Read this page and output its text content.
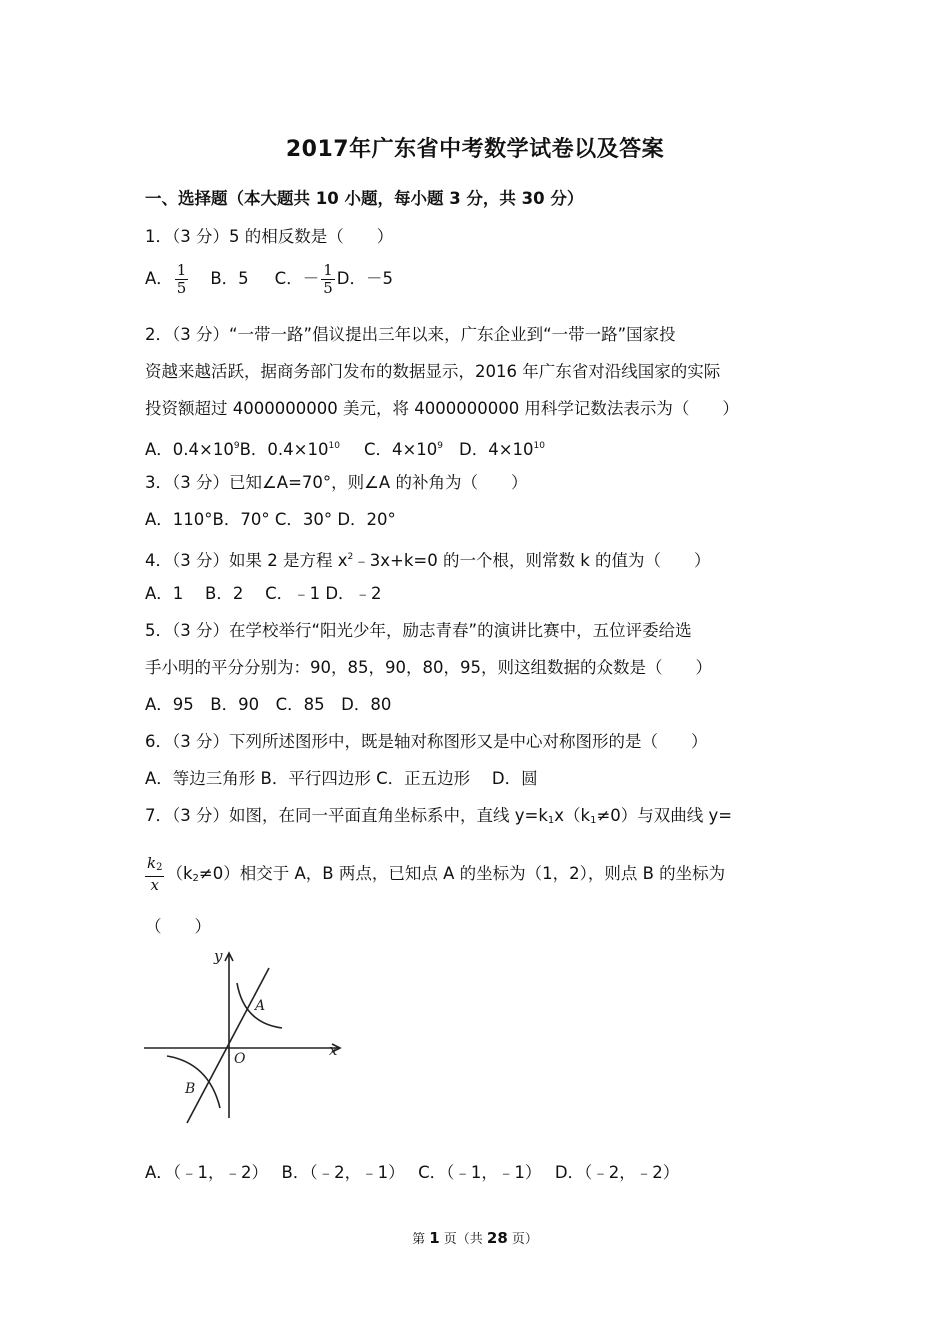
2017年广东省中考数学试卷以及答案
一、选择题（本大题共 10 小题，每小题 3 分，共 30 分）
1．（3 分）5 的相反数是（　　）
A． $\frac{1}{5}$ B．5 C．－ $\frac{1}{5}$ D．－5
2．（3 分）“一带一路”倡议提出三年以来，广东企业到“一带一路”国家投
资越来越活跃，据商务部门发布的数据显示，2016 年广东省对沿线国家的实际
投资额超过 4000000000 美元，将 4000000000 用科学记数法表示为（　　）
A．$0.4\times 10^9B$．$0.4\times 10^{10}$ C．$4\times 10^9$ D．$4\times 10^{10}$
3．（3 分）已知∠A=70°，则∠A 的补角为（　　）
A．110°B．70° C．30° D．20°
4．（3 分）如果 2 是方程 $x^2﹣3x+k=0$ 的一个根，则常数 k 的值为（　　）
A．1　 B．2　 C．﹣1 D．﹣2
5．（3 分）在学校举行“阳光少年，励志青春”的演讲比赛中，五位评委给选
手小明的平分分别为：90，85，90，80，95，则这组数据的众数是（　　）
A．95　B．90　C．85　D．80
6．（3 分）下列所述图形中，既是轴对称图形又是中心对称图形的是（　　）
A．等边三角形 B．平行四边形 C．正五边形　 D．圆
7．（3 分）如图，在同一平面直角坐标系中，直线 $y=k_1x(k_1\ne 0)$与双曲线 y=
$\frac{k_2}{x} (k_2\ne 0)$相交于 A，B 两点，已知点 A 的坐标为（1，2），则点 B 的坐标为
（　　）
y
x
O
A
B
A．（﹣1，﹣2）　 B．（﹣2，﹣1）　 C．（﹣1，﹣1）　 D．（﹣2，﹣2）
第 1 页（共 28 页）
